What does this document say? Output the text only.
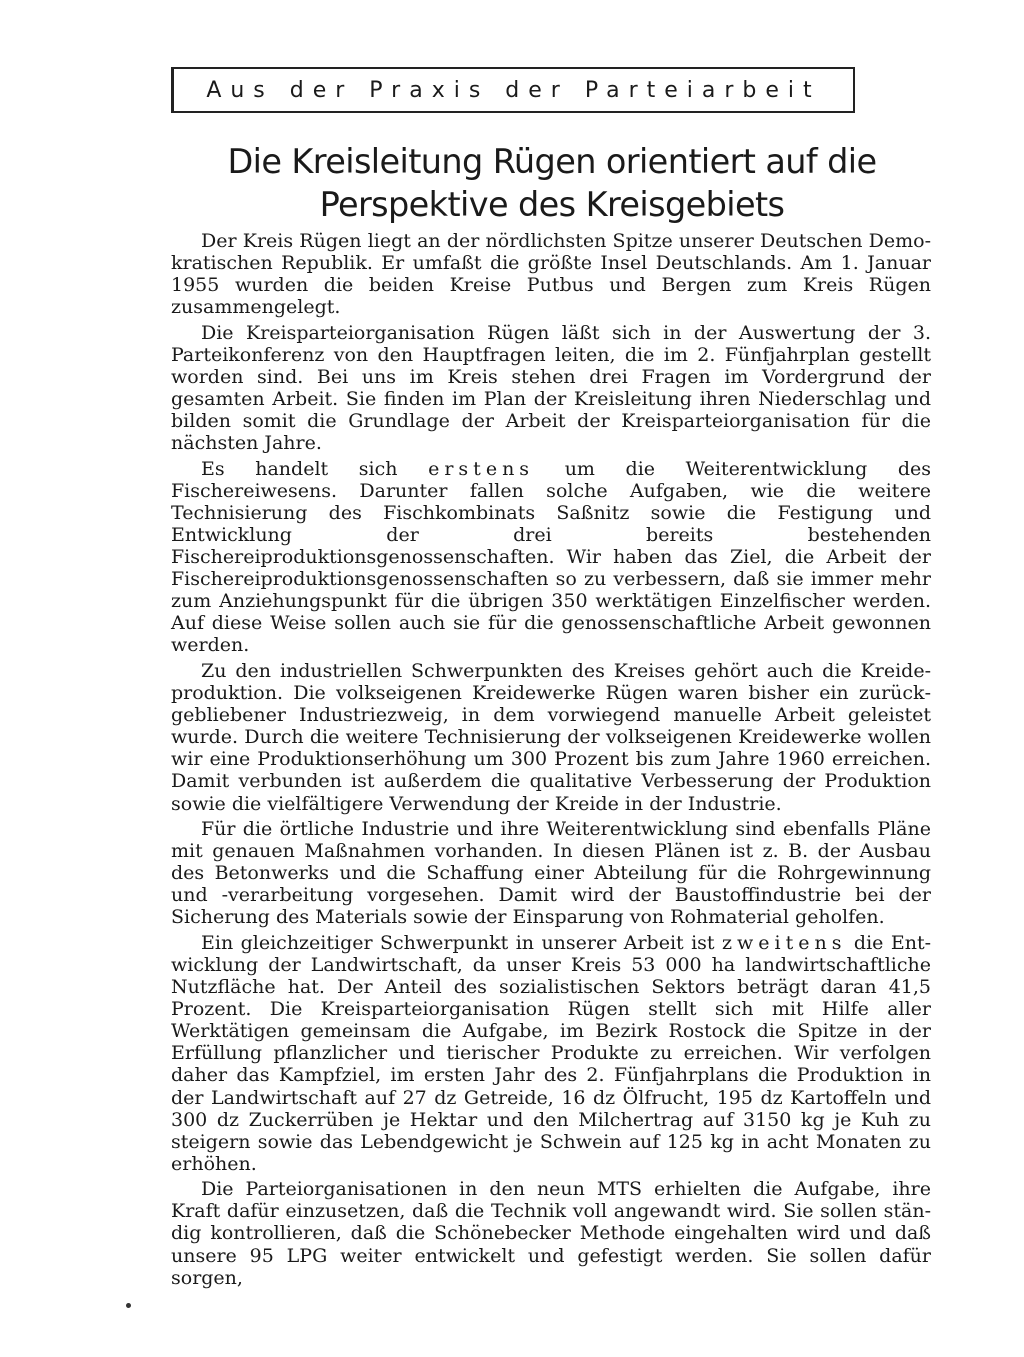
Aus der Praxis der Parteiarbeit
Die Kreisleitung Rügen orientiert auf die Perspektive des Kreisgebiets

Der Kreis Rügen liegt an der nördlichsten Spitze unserer Deutschen Demokratischen Republik. Er umfaßt die größte Insel Deutschlands. Am 1. Januar 1955 wurden die beiden Kreise Putbus und Bergen zum Kreis Rügen zusammengelegt.

Die Kreisparteiorganisation Rügen läßt sich in der Auswertung der 3. Parteikonferenz von den Hauptfragen leiten, die im 2. Fünfjahrplan gestellt worden sind. Bei uns im Kreis stehen drei Fragen im Vordergrund der gesamten Arbeit. Sie finden im Plan der Kreisleitung ihren Niederschlag und bilden somit die Grundlage der Arbeit der Kreisparteiorganisation für die nächsten Jahre.

Es handelt sich erstens um die Weiterentwicklung des Fischereiwesens. Darunter fallen solche Aufgaben, wie die weitere Technisierung des Fischkombinats Saßnitz sowie die Festigung und Entwicklung der drei bereits bestehenden Fischereiproduktionsgenossenschaften. Wir haben das Ziel, die Arbeit der Fischereiproduktionsgenossenschaften so zu verbessern, daß sie immer mehr zum Anziehungspunkt für die übrigen 350 werktätigen Einzelfischer werden. Auf diese Weise sollen auch sie für die genossenschaftliche Arbeit gewonnen werden.

Zu den industriellen Schwerpunkten des Kreises gehört auch die Kreideproduktion. Die volkseigenen Kreidewerke Rügen waren bisher ein zurückgebliebener Industriezweig, in dem vorwiegend manuelle Arbeit geleistet wurde. Durch die weitere Technisierung der volkseigenen Kreidewerke wollen wir eine Produktionserhöhung um 300 Prozent bis zum Jahre 1960 erreichen. Damit verbunden ist außerdem die qualitative Verbesserung der Produktion sowie die vielfältigere Verwendung der Kreide in der Industrie.

Für die örtliche Industrie und ihre Weiterentwicklung sind ebenfalls Pläne mit genauen Maßnahmen vorhanden. In diesen Plänen ist z. B. der Ausbau des Betonwerks und die Schaffung einer Abteilung für die Rohrgewinnung und -verarbeitung vorgesehen. Damit wird der Baustoffindustrie bei der Sicherung des Materials sowie der Einsparung von Rohmaterial geholfen.

Ein gleichzeitiger Schwerpunkt in unserer Arbeit ist zweitens die Entwicklung der Landwirtschaft, da unser Kreis 53 000 ha landwirtschaftliche Nutzfläche hat. Der Anteil des sozialistischen Sektors beträgt daran 41,5 Prozent. Die Kreisparteiorganisation Rügen stellt sich mit Hilfe aller Werktätigen gemeinsam die Aufgabe, im Bezirk Rostock die Spitze in der Erfüllung pflanzlicher und tierischer Produkte zu erreichen. Wir verfolgen daher das Kampfziel, im ersten Jahr des 2. Fünfjahrplans die Produktion in der Landwirtschaft auf 27 dz Getreide, 16 dz Ölfrucht, 195 dz Kartoffeln und 300 dz Zuckerrüben je Hektar und den Milchertrag auf 3150 kg je Kuh zu steigern sowie das Lebendgewicht je Schwein auf 125 kg in acht Monaten zu erhöhen.

Die Parteiorganisationen in den neun MTS erhielten die Aufgabe, ihre Kraft dafür einzusetzen, daß die Technik voll angewandt wird. Sie sollen ständig kontrollieren, daß die Schönebecker Methode eingehalten wird und daß unsere 95 LPG weiter entwickelt und gefestigt werden. Sie sollen dafür sorgen,
